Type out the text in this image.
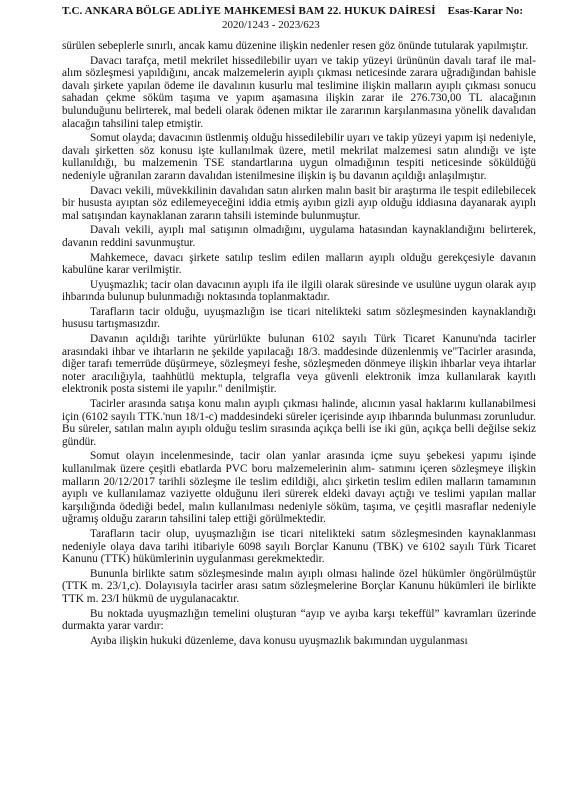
T.C. ANKARA BÖLGE ADLİYE MAHKEMESİ BAM 22. HUKUK DAİRESİ Esas-Karar No:
2020/1243 - 2023/623

sürülen sebeplerle sınırlı, ancak kamu düzenine ilişkin nedenler resen göz önünde tutularak yapılmıştır.

Davacı tarafça, metil mekrilet hissedilebilir uyarı ve takip yüzeyi ürününün davalı taraf ile mal-alım sözleşmesi yapıldığını, ancak malzemelerin ayıplı çıkması neticesinde zarara uğradığından bahisle davalı şirkete yapılan ödeme ile davalının kusurlu mal teslimine ilişkin malların ayıplı çıkması sonucu sahadan çekme söküm taşıma ve yapım aşamasına ilişkin zarar ile 276.730,00 TL alacağının bulunduğunu belirterek, mal bedeli olarak ödenen miktar ile zararının karşılanmasına yönelik davalıdan alacağın tahsilini talep etmiştir.

Somut olayda; davacının üstlenmiş olduğu hissedilebilir uyarı ve takip yüzeyi yapım işi nedeniyle, davalı şirketten söz konusu işte kullanılmak üzere, metil mekrilat malzemesi satın alındığı ve işte kullanıldığı, bu malzemenin TSE standartlarına uygun olmadığının tespiti neticesinde söküldüğü nedeniyle uğranılan zararın davalıdan istenilmesine ilişkin iş bu davanın açıldığı anlaşılmıştır.

Davacı vekili, müvekkilinin davalıdan satın alırken malın basit bir araştırma ile tespit edilebilecek bir hususta ayıptan söz edilemeyeceğini iddia etmiş ayıbın gizli ayıp olduğu iddiasına dayanarak ayıplı mal satışından kaynaklanan zararın tahsili isteminde bulunmuştur.

Davalı vekili, ayıplı mal satışının olmadığını, uygulama hatasından kaynaklandığını belirterek, davanın reddini savunmuştur.

Mahkemece, davacı şirkete satılıp teslim edilen malların ayıplı olduğu gerekçesiyle davanın kabulüne karar verilmiştir.

Uyuşmazlık; tacir olan davacının ayıplı ifa ile ilgili olarak süresinde ve usulüne uygun olarak ayıp ihbarında bulunup bulunmadığı noktasında toplanmaktadır.

Tarafların tacir olduğu, uyuşmazlığın ise ticari nitelikteki satım sözleşmesinden kaynaklandığı hususu tartışmasızdır.

Davanın açıldığı tarihte yürürlükte bulunan 6102 sayılı Türk Ticaret Kanunu'nda tacirler arasındaki ihbar ve ihtarların ne şekilde yapılacağı 18/3. maddesinde düzenlenmiş ve"Tacirler arasında, diğer tarafı temerrüde düşürmeye, sözleşmeyi feshe, sözleşmeden dönmeye ilişkin ihbarlar veya ihtarlar noter aracılığıyla, taahhütlü mektupla, telgrafla veya güvenli elektronik imza kullanılarak kayıtlı elektronik posta sistemi ile yapılır." denilmiştir.

Tacirler arasında satışa konu malın ayıplı çıkması halinde, alıcının yasal haklarını kullanabilmesi için (6102 sayılı TTK.'nun 18/1-c) maddesindeki süreler içerisinde ayıp ihbarında bulunması zorunludur. Bu süreler, satılan malın ayıplı olduğu teslim sırasında açıkça belli ise iki gün, açıkça belli değilse sekiz gündür.

Somut olayın incelenmesinde, tacir olan yanlar arasında içme suyu şebekesi yapımı işinde kullanılmak üzere çeşitli ebatlarda PVC boru malzemelerinin alım- satımını içeren sözleşmeye ilişkin malların 20/12/2017 tarihli sözleşme ile teslim edildiği, alıcı şirketin teslim edilen malların tamamının ayıplı ve kullanılamaz vaziyette olduğunu ileri sürerek eldeki davayı açtığı ve teslimi yapılan mallar karşılığında ödediği bedel, malın kullanılması nedeniyle söküm, taşıma, ve çeşitli masraflar nedeniyle uğramış olduğu zararın tahsilini talep ettiği görülmektedir.

Tarafların tacir olup, uyuşmazlığın ise ticari nitelikteki satım sözleşmesinden kaynaklanması nedeniyle olaya dava tarihi itibariyle 6098 sayılı Borçlar Kanunu (TBK) ve 6102 sayılı Türk Ticaret Kanunu (TTK) hükümlerinin uygulanması gerekmektedir.

Bununla birlikte satım sözleşmesinde malın ayıplı olması halinde özel hükümler öngörülmüştür (TTK m. 23/1,c). Dolayısıyla tacirler arası satım sözleşmelerine Borçlar Kanunu hükümleri ile birlikte TTK m. 23/I hükmü de uygulanacaktır.

Bu noktada uyuşmazlığın temelini oluşturan “ayıp ve ayıba karşı tekeffül” kavramları üzerinde durmakta yarar vardır:

Ayıba ilişkin hukuki düzenleme, dava konusu uyuşmazlık bakımından uygulanması
